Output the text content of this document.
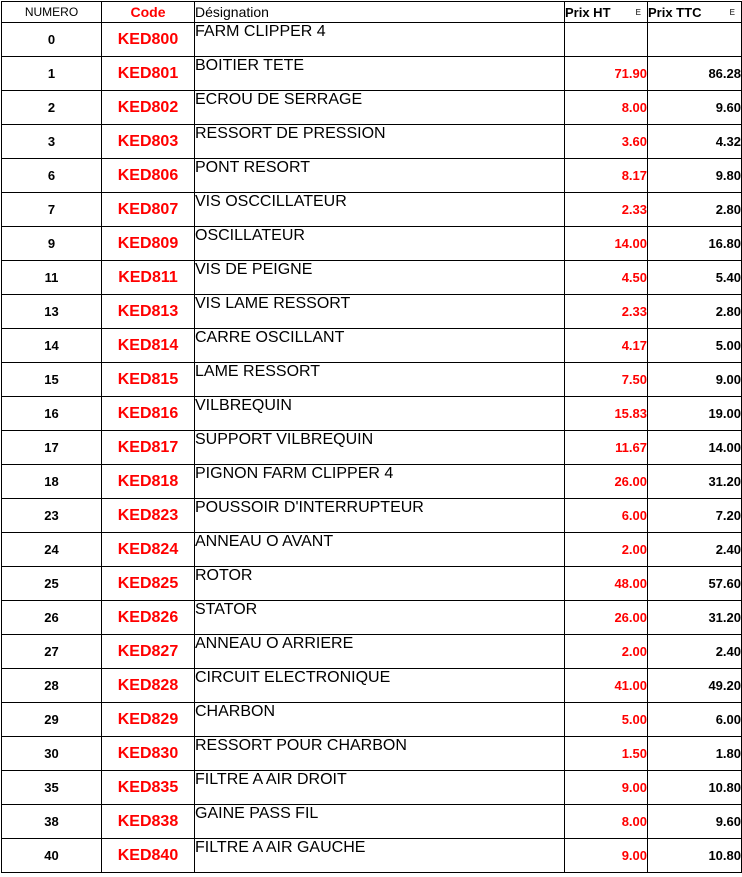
NUMERO	Code	Désignation	Prix HT E	Prix TTC E

0	KED800	FARM CLIPPER 4		
1	KED801	BOITIER TETE	71.90	86.28
2	KED802	ECROU DE SERRAGE	8.00	9.60
3	KED803	RESSORT DE PRESSION	3.60	4.32
6	KED806	PONT RESORT	8.17	9.80
7	KED807	VIS OSCCILLATEUR	2.33	2.80
9	KED809	OSCILLATEUR	14.00	16.80
11	KED811	VIS DE PEIGNE	4.50	5.40
13	KED813	VIS LAME RESSORT	2.33	2.80
14	KED814	CARRE OSCILLANT	4.17	5.00
15	KED815	LAME RESSORT	7.50	9.00
16	KED816	VILBREQUIN	15.83	19.00
17	KED817	SUPPORT VILBREQUIN	11.67	14.00
18	KED818	PIGNON FARM CLIPPER 4	26.00	31.20
23	KED823	POUSSOIR D'INTERRUPTEUR	6.00	7.20
24	KED824	ANNEAU O AVANT	2.00	2.40
25	KED825	ROTOR	48.00	57.60
26	KED826	STATOR	26.00	31.20
27	KED827	ANNEAU O ARRIERE	2.00	2.40
28	KED828	CIRCUIT ELECTRONIQUE	41.00	49.20
29	KED829	CHARBON	5.00	6.00
30	KED830	RESSORT POUR CHARBON	1.50	1.80
35	KED835	FILTRE A AIR DROIT	9.00	10.80
38	KED838	GAINE PASS FIL	8.00	9.60
40	KED840	FILTRE A AIR GAUCHE	9.00	10.80
